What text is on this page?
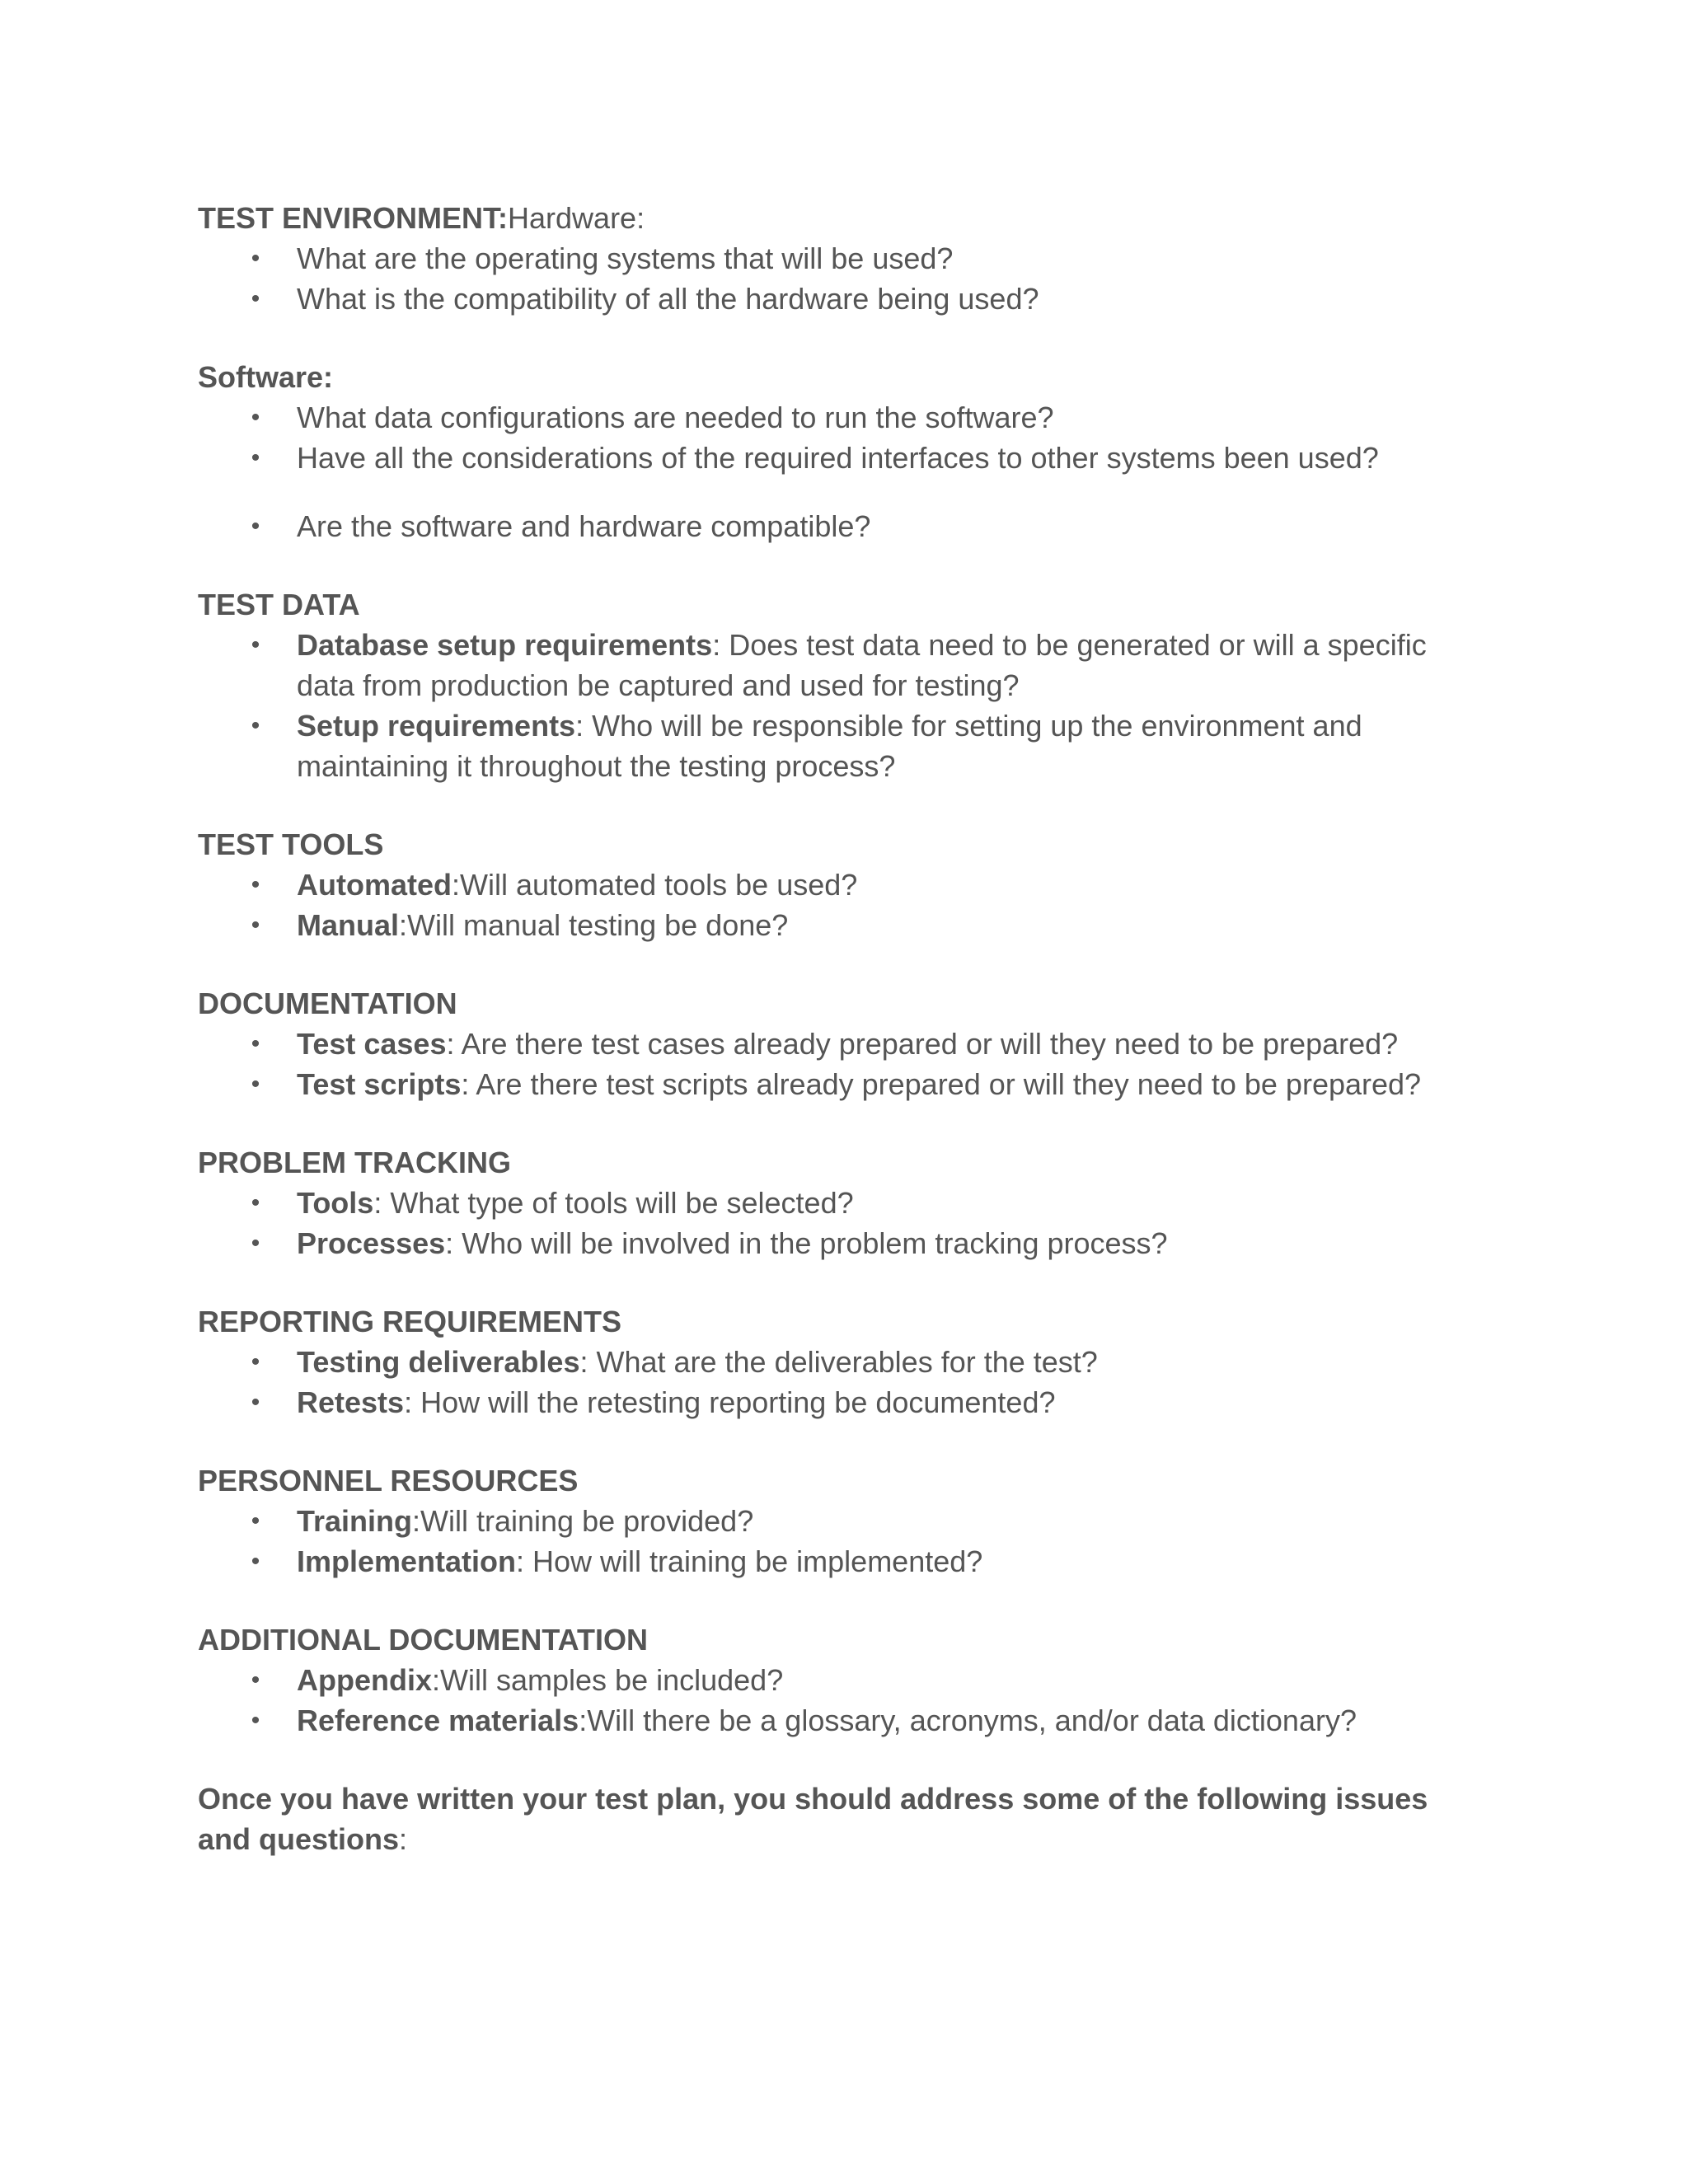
TEST ENVIRONMENT:Hardware:

• What are the operating systems that will be used?
• What is the compatibility of all the hardware being used?

Software:

• What data configurations are needed to run the software?
• Have all the considerations of the required interfaces to other systems been used?
• Are the software and hardware compatible?

TEST DATA

• Database setup requirements: Does test data need to be generated or will a specific data from production be captured and used for testing?
• Setup requirements: Who will be responsible for setting up the environment and maintaining it throughout the testing process?

TEST TOOLS

• Automated:Will automated tools be used?
• Manual:Will manual testing be done?

DOCUMENTATION

• Test cases: Are there test cases already prepared or will they need to be prepared?
• Test scripts: Are there test scripts already prepared or will they need to be prepared?

PROBLEM TRACKING

• Tools: What type of tools will be selected?
• Processes: Who will be involved in the problem tracking process?

REPORTING REQUIREMENTS

• Testing deliverables: What are the deliverables for the test?
• Retests: How will the retesting reporting be documented?

PERSONNEL RESOURCES

• Training:Will training be provided?
• Implementation: How will training be implemented?

ADDITIONAL DOCUMENTATION

• Appendix:Will samples be included?
• Reference materials:Will there be a glossary, acronyms, and/or data dictionary?

Once you have written your test plan, you should address some of the following issues and questions:
